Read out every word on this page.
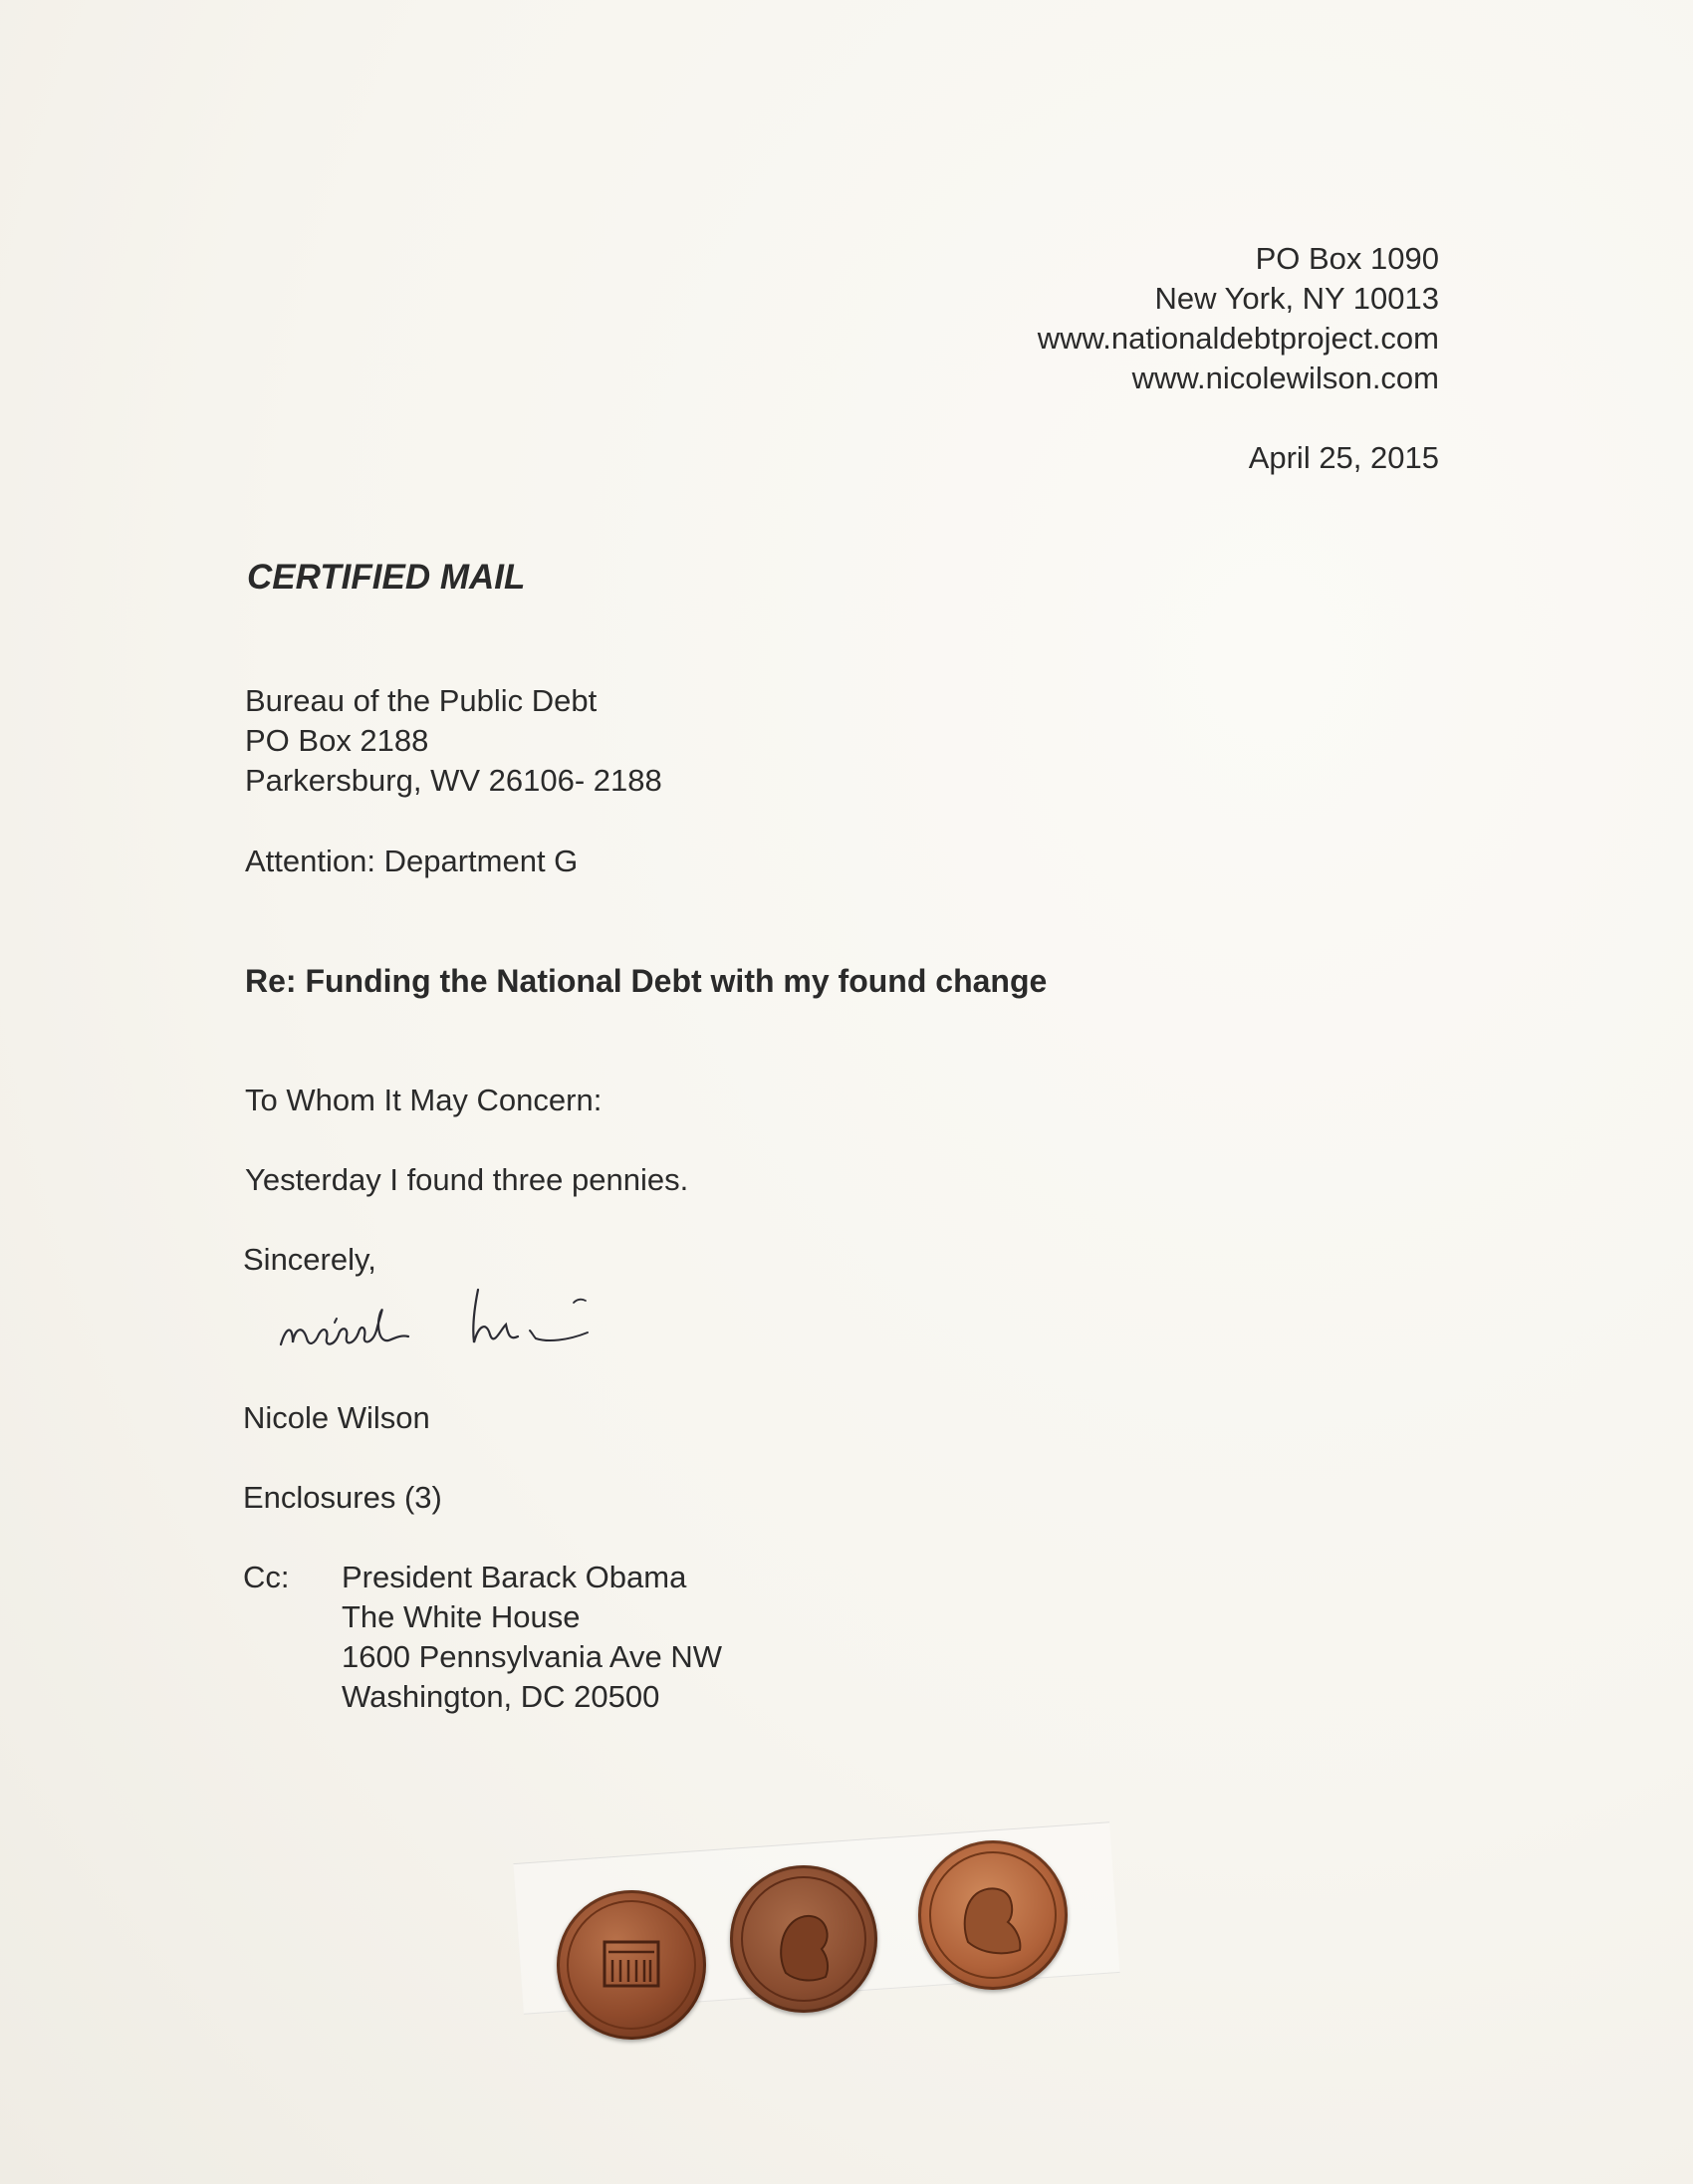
PO Box 1090
New York, NY 10013
www.nationaldebtproject.com
www.nicolewilson.com
April 25, 2015
CERTIFIED MAIL
Bureau of the Public Debt
PO Box 2188
Parkersburg, WV 26106- 2188
Attention: Department G
Re: Funding the National Debt with my found change
To Whom It May Concern:
Yesterday I found three pennies.
Sincerely,
Nicole Wilson
Enclosures (3)
Cc: President Barack Obama
The White House
1600 Pennsylvania Ave NW
Washington, DC 20500
